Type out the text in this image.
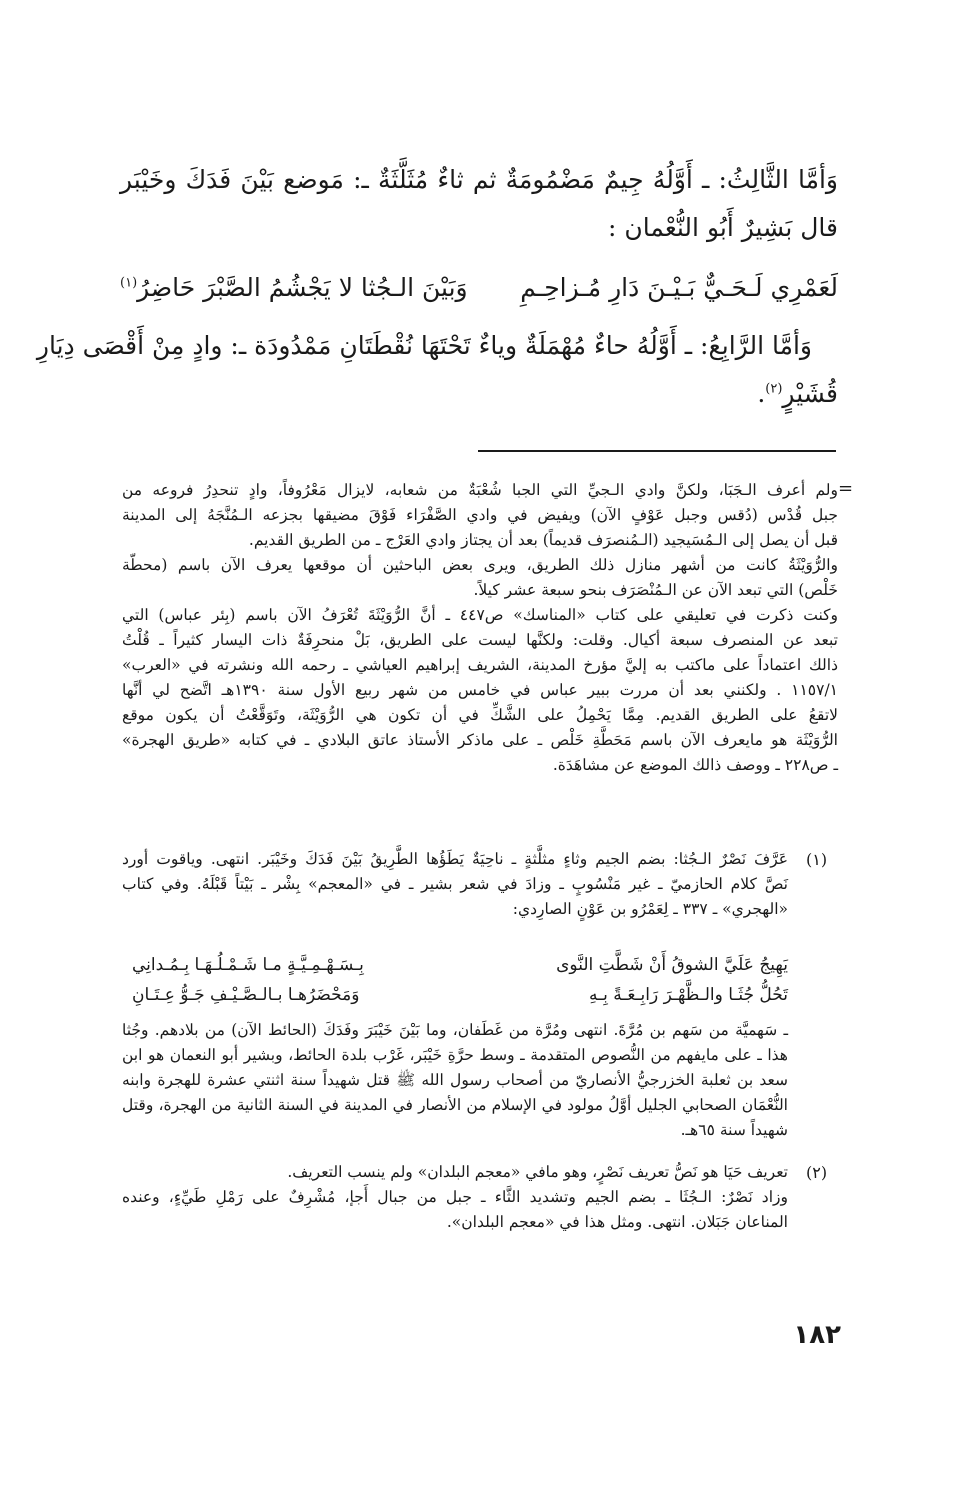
وَأمَّا الثَّالِثُ: ـ أَوَّلُهُ جِيمٌ مَضْمُومَةٌ ثم ثاءٌ مُثَلَّثَةٌ ـ: مَوضع بَيْنَ فَدَكَ وخَيْبَر
قال بَشِيرٌ أَبُو النُّعْمان :
لَعَمْرِي لَـحَـيٌّ بَـيْـنَ دَارِ مُـزاحِـمِ
وَبَيْنَ الـجُثا لا يَجْشُمُ الصَّبْرَ حَاضِرُ$^{(١)}$
وَأمَّا الرَّابِعُ: ـ أَوَّلُهُ حاءٌ مُهْمَلَةٌ وياءٌ تَحْتَهَا نُقْطَتَانِ مَمْدُودَة ـ: وادٍ مِنْ أَقْصَى دِيَارِ
قُشَيْرٍ$^{(٢)}$.
=
ولم أعرف الـجَبَا، ولكنَّ وادي الـجيِّ التي الجبا شُعْبَةٌ من شعابه، لايزال مَعْرُوفاً، وادٍ تنحدِرُ فروعه من
جبل قُدْس (دُقس وجبل عَوْفٍ الآن) ويفيض في وادي الصَّفْرَاء فَوْقَ مضيقها بجزعه الـمُنَّجَهُ إلى المدينة
قبل أن يصل إلى الـمُسَيجيد (الـمُنصرَف قديماً) بعد أن يجتاز وادي العَرْج ـ من الطريق القديم.
والرُّوَيْثَةُ كانت من أشهر منازل ذلك الطريق، ويرى بعض الباحثين أن موقعها يعرف الآن باسم (محطّة
خَلْص) التي تبعد الآن عن الـمُنْصَرَف بنحو سبعة عشر كيلاً.
وكنت ذكرت في تعليقي على كتاب «المناسك» ص٤٤٧ ـ أنَّ الرُّوَيْثَةَ تُعْرَفُ الآن باسم (بِئر عباس) التي
تبعد عن المنصرف سبعة أكيال. وقلت: ولكنَّها ليست على الطريق، بَلْ منحرِفَةٌ ذات اليسار كثيراً ـ قُلْتُ
ذالك اعتماداً على ماكتب به إليَّ مؤرخ المدينة، الشريف إبراهيم العياشي ـ رحمه الله ونشرته في «العرب»
١١٥٧/١ . ولكنني بعد أن مررت ببير عباس في خامس من شهر ربيع الأول سنة ١٣٩٠هـ اتَّضح لي أنَّها
لاتقعُ على الطريق القديم. مِمَّا يَحْمِلُ على الشَّكِّ في أن تكون هي الرُّوَيْثَة، وتَوَقَّعْتُ أن يكون موقع
الرُّوَيْثَة هو مايعرف الآن باسم مَحَطَّةِ خَلْص ـ على ماذكر الأستاذ عاتق البلادي ـ في كتابه «طريق الهجرة»
ـ ص٢٢٨ ـ ووصف ذالك الموضع عن مشاهَدَة.
(١)
عَرَّفَ نَصْرٌ الـجُثا: بضم الجيم وثاءٍ مثلَّثةٍ ـ ناحِيَةٌ يَطَؤُها الطَّرِيقُ بَيْنَ فَدَكَ وخَيْبَر. انتهى. وياقوت أورد
نَصَّ كلام الحازميّ ـ غير مَنْسُوبٍ ـ وزادَ في شعر بشير ـ في «المعجم» بِشْر ـ بَيْتاً قَبْلَهُ. وفي كتاب
«الهجري» ـ ٣٣٧ ـ لِعَمْرُو بن عَوْنٍ الصارِدي:
يَهِيجُ عَلَيَّ الشوقُ أَنْ شَطَّتِ النَّوى
بِـسَـهْـمِـيَّـةٍ مـا شَـمْـلُـهَـا بِـمُـدانِي
تَحُلُّ جُثَـا والـظَّهْـرَ رَابِـعَـةً بِـهِ
وَمَحْضَرُهـا بـالـصَّـيْـفِ جَـوُّ عِـتَـانِ
ـ سَهميَّة من سَهم بن مُرَّةَ. انتهى ومُرَّة من غَطَفان، وما بَيْنَ خَيْبَرَ وفَدَكَ (الحائط الآن) من بلادهم. وجُثا
هذا ـ على مايفهم من النُّصوص المتقدمة ـ وسط حرَّةِ خَيْبَر، غَرْب بلدة الحائط، وبشير أبو النعمان هو ابن
سعد بن ثعلبة الخزرجيُّ الأنصاريّ من أصحاب رسول الله ﷺ قتل شهيداً سنة اثنتي عشرة للهجرة وابنه
النُّعْمَان الصحابي الجليل أوَّلُ مولود في الإسلام من الأنصار في المدينة في السنة الثانية من الهجرة، وقتل
شهيداً سنة ٦٥هـ.
(٢)
تعريف حَيَا هو نَصُّ تعريف نَصْرٍ، وهو مافي «معجم البلدان» ولم ينسب التعريف.
وزاد نَصْرٌ: الـجُثَا ـ بضم الجيم وتشديد الثَّاء ـ جبل من جبال أَجإ، مُشْرِفٌ على رَمْلِ طَيِّءٍ، وعنده
المناعان جَبَلان. انتهى. ومثل هذا في «معجم البلدان».
١٨٢
